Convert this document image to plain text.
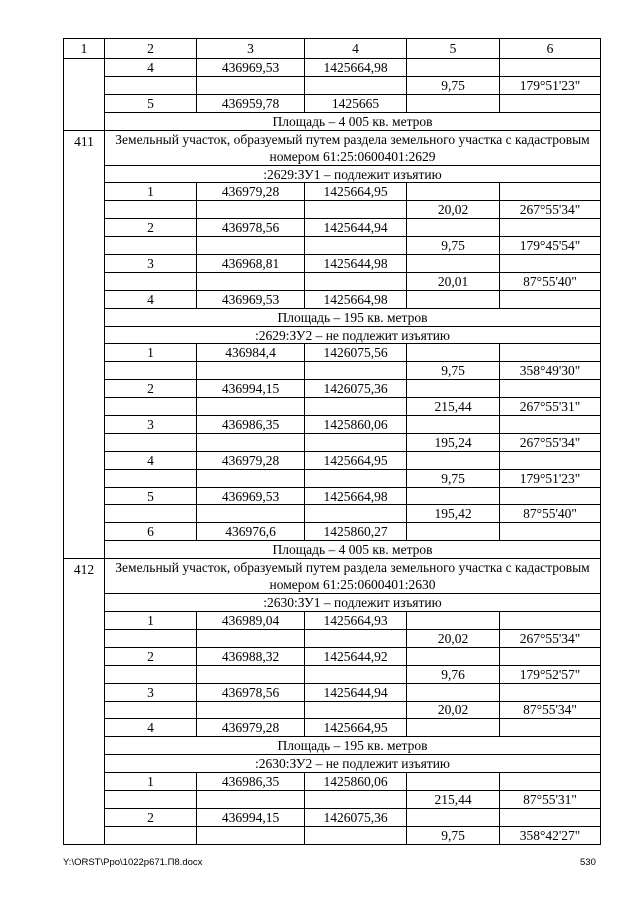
1	2	3	4	5	6
	4	436969,53	1425664,98		
				9,75	179°51'23"
	5	436959,78	1425665		
	Площадь – 4 005 кв. метров				
411	Земельный участок, образуемый путем раздела земельного участка с кадастровым номером 61:25:0600401:2629				
	:2629:ЗУ1 – подлежит изъятию				
	1	436979,28	1425664,95		
				20,02	267°55'34"
	2	436978,56	1425644,94		
				9,75	179°45'54"
	3	436968,81	1425644,98		
				20,01	87°55'40"
	4	436969,53	1425664,98		
	Площадь – 195 кв. метров				
	:2629:ЗУ2 – не подлежит изъятию				
	1	436984,4	1426075,56		
				9,75	358°49'30"
	2	436994,15	1426075,36		
				215,44	267°55'31"
	3	436986,35	1425860,06		
				195,24	267°55'34"
	4	436979,28	1425664,95		
				9,75	179°51'23"
	5	436969,53	1425664,98		
				195,42	87°55'40"
	6	436976,6	1425860,27		
	Площадь – 4 005 кв. метров				
412	Земельный участок, образуемый путем раздела земельного участка с кадастровым номером 61:25:0600401:2630				
	:2630:ЗУ1 – подлежит изъятию				
	1	436989,04	1425664,93		
				20,02	267°55'34"
	2	436988,32	1425644,92		
				9,76	179°52'57"
	3	436978,56	1425644,94		
				20,02	87°55'34"
	4	436979,28	1425664,95		
	Площадь – 195 кв. метров				
	:2630:ЗУ2 – не подлежит изъятию				
	1	436986,35	1425860,06		
				215,44	87°55'31"
	2	436994,15	1426075,36		
				9,75	358°42'27"
Y:\ORST\Ppo\1022p671.П8.docx	530
